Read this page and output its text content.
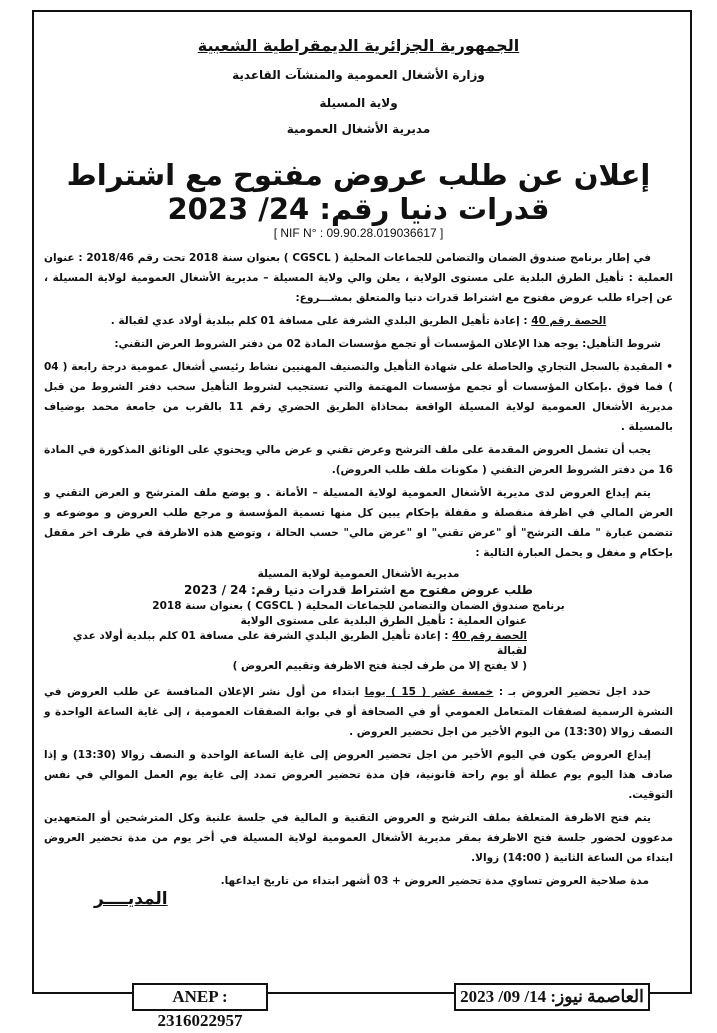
الجمهورية الجزائرية الديمقراطية الشعبية
وزارة الأشغال العمومية والمنشآت القاعدية
ولاية المسيلة
مديرية الأشغال العمومية
إعلان عن طلب عروض مفتوح مع اشتراط قدرات دنيا رقم: 24/ 2023
[ NIF N° : 09.90.28.019036617 ]
في إطار برنامج صندوق الضمان والتضامن للجماعات المحلية ( CGSCL ) بعنوان سنة 2018 تحت رقم 2018/46 : عنوان العملية : تأهيل الطرق البلدية على مستوى الولاية ، يعلن والي ولاية المسيلة – مديرية الأشغال العمومية لولاية المسيلة ، عن إجراء طلب عروض مفتوح مع اشتراط قدرات دنيا والمتعلق بمشـــروع:
الحصة رقم 40 : إعادة تأهيل الطريق البلدي الشرفة على مسافة 01 كلم ببلدية أولاد عدي لقبالة .
شروط التأهيل: يوجه هذا الإعلان المؤسسات أو تجمع مؤسسات المادة 02 من دفتر الشروط العرض التقني:
• المقيدة بالسجل التجاري والحاصلة على شهادة التأهيل والتصنيف المهنيين نشاط رئيسي أشغال عمومية درجة رابعة ( 04 ) فما فوق .بإمكان المؤسسات أو تجمع مؤسسات المهتمة والتي تستجيب لشروط التأهيل سحب دفتر الشروط من قبل مديرية الأشغال العمومية لولاية المسيلة الواقعة بمحاذاة الطريق الحضري رقم 11 بالقرب من جامعة محمد بوضياف بالمسيلة .
يجب أن تشمل العروض المقدمة على ملف الترشح وعرض تقني و عرض مالي ويحتوي على الوثائق المذكورة في المادة 16 من دفتر الشروط العرض التقني ( مكونات ملف طلب العروض).
يتم إيداع العروض لدى مديرية الأشغال العمومية لولاية المسيلة – الأمانة . و يوضع ملف المترشح و العرض التقني و العرض المالي في اظرفة منفصلة و مقفلة بإحكام يبين كل منها تسمية المؤسسة و مرجع طلب العروض و موضوعه و تتضمن عبارة " ملف الترشح" أو "عرض تقني" او "عرض مالي" حسب الحالة ، وتوضع هذه الاظرفة في ظرف اخر مقفل بإحكام و مغفل و يحمل العبارة التالية :
مديرية الأشغال العمومية لولاية المسيلة
طلب عروض مفتوح مع اشتراط قدرات دنيا رقم: 24 / 2023
برنامج صندوق الضمان والتضامن للجماعات المحلية ( CGSCL ) بعنوان سنة 2018
عنوان العملية : تأهيل الطرق البلدية على مستوى الولاية
الحصة رقم 40 : إعادة تأهيل الطريق البلدي الشرفة على مسافة 01 كلم ببلدية أولاد عدي لقبالة
( لا يفتح إلا من طرف لجنة فتح الاظرفة وتقييم العروض )
حدد اجل تحضير العروض بـ : خمسة عشر ( 15 ) يوما ابتداء من أول نشر الإعلان المنافسة عن طلب العروض في النشرة الرسمية لصفقات المتعامل العمومي أو في الصحافة أو في بوابة الصفقات العمومية ، إلى غاية الساعة الواحدة و النصف زوالا (13:30) من اليوم الأخير من اجل تحضير العروض .
إيداع العروض يكون في اليوم الأخير من اجل تحضير العروض إلى غاية الساعة الواحدة و النصف زوالا (13:30) و إذا صادف هذا اليوم يوم عطلة أو يوم راحة قانونية، فإن مدة تحضير العروض تمدد إلى غاية يوم العمل الموالي في نفس التوقيت.
يتم فتح الاظرفة المتعلقة بملف الترشح و العروض التقنية و المالية في جلسة علنية وكل المترشحين أو المتعهدين مدعوون لحضور جلسة فتح الاظرفة بمقر مديرية الأشغال العمومية لولاية المسيلة في أخر يوم من مدة تحضير العروض ابتداء من الساعة الثانية ( 14:00) زوالا.
مدة صلاحية العروض تساوي مدة تحضير العروض + 03 أشهر ابتداء من تاريخ ايداعها.
المديــــر
ANEP : 2316022957
العاصمة نيوز: 14/ 09/ 2023
